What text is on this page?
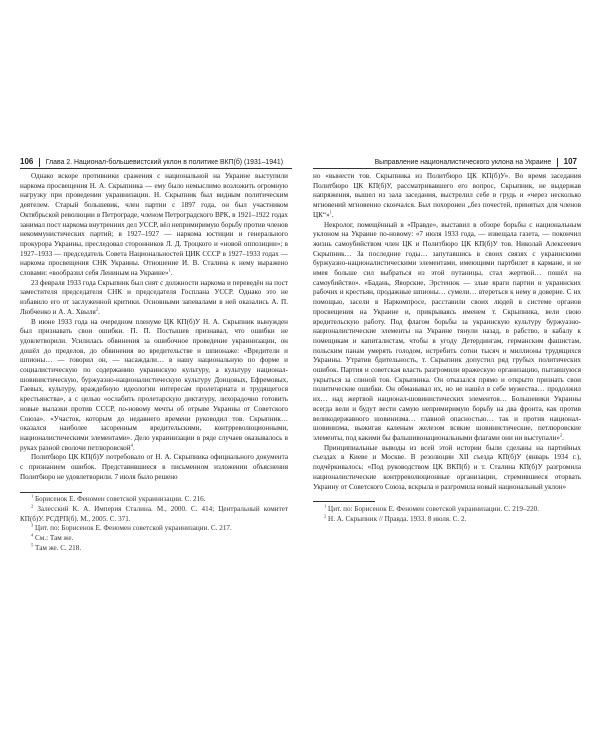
106 Глава 2. Национал-большевистский уклон в политике ВКП(б) (1931–1941)	Выправление националистического уклона на Украине 107

Однако вскоре противники сражения с национальной на Украине выступили наркома просвещения Н. А. Скрыпника — ему было немыслимо возложить огромную нагрузку при проведении украинизации. Н. Скрыпник был видным политическим деятелем. Старый большевик, член партии с 1897 года, он был участником Октябрьской революции в Петрограде, членом Петроградского ВРК, в 1921–1922 годах занимал пост наркома внутренних дел УССР, вёл непримиримую борьбу против членов некоммунистических партий; в 1927–1927 — наркома юстиции и генерального прокурора Украины, преследовал сторонников Л. Д. Троцкого и «новой оппозиции»; в 1927–1933 — председатель Совета Национальностей ЦИК СССР в 1927–1933 годах — наркома просвещения СНК Украины. Отношение И. В. Сталина к нему выражено словами: «вообразил себя Лениным на Украине»$^1$.

23 февраля 1933 года Скрыпник был снят с должности наркома и переведён на пост заместителя председателя СНК и председателя Госплана УССР. Однако это не избавило его от заслуженной критики. Основными запевалами в ней оказались А. П. Любченко и А. А. Хвыля$^2$.

В июне 1933 года на очередном пленуме ЦК КП(б)У Н. А. Скрыпник вынужден был признавать свои ошибки. П. П. Постышев признавал, что ошибки не удовлетворили. Усилилась обвинения за ошибочное проведение украинизации, он дошёл до пределов, до обвинения во вредительстве и шпионаже: «Вредители и шпионы… — говорил он, — насаждали… в нашу национальную по форме и социалистическую по содержанию украинскую культуру, а культуру национал-шовинистическую, буржуазно-националистическую культуру Донцовых, Ефремовых, Гаевых, культуру, враждебную идеологии интересам пролетариата и трудящегося крестьянства», а с целью «ослабить пролетарскую диктатуру, лихорадочно готовить новые вылазки против СССР, по-новому мечты об отрыве Украины от Советского Союза». «Участок, которым до недавнего времени руководил тов. Скрыпник… оказался наиболее засоренным вредительскими, контрреволюционными, националистическими элементами». Дело украинизации в ряде случаев оказывалось в руках разной сволочи петлюровской$^4$.

Политбюро ЦК КП(б)У потребовало от Н. А. Скрыпника официального документа с признанием ошибок. Представившиеся в письменном изложении объяснения Политбюро не удовлетворили. 7 июля было решено

$^1$ Борисенок Е. Феномен советской украинизации. С. 216.

$^2$ Залесский К. А. Империя Сталина. М., 2000. С. 414; Центральный комитет КП(б)У. РСДРП(б). М., 2005. С. 371.

$^3$ Цит. по: Борисенок Е. Феномен советской украинизации. С. 217.

$^4$ См.: Там же.

$^5$ Там же. С. 218.

но «вынести тов. Скрыпника из Политбюро ЦК КП(б)У». Во время заседания Политбюро ЦК КП(б)У, рассматривавшего его вопрос, Скрыпник, не выдержав напряжения, вышел из зала заседания, выстрелил себе в грудь и «через несколько мгновений мгновенно скончался. Был похоронен „без почестей, принятых для членов ЦК“»$^1$.

Некролог, помещённый в «Правде», выставил в обзоре борьбы с национальным уклоном на Украине по-новому: «7 июля 1933 года, — извещала газета, — покончил жизнь самоубийством член ЦК и Политбюро ЦК КП(б)У тов. Николай Алексеевич Скрыпник… За последние годы… запутавшись в своих связях с украинскими буржуазно-националистическими элементами, имеющими партбилет в кармане, и не имея больше сил выбраться из этой путаницы, стал жертвой… пошёл на самоубийство». «Бадань, Яворские, Эрстенюк — злые враги партии и украинских рабочих и крестьян, продажные шпионы… сумели… втереться к нему в доверие. С их помощью, засели в Наркомпросе, расставили своих людей в системе органов просвещения на Украине и, прикрываясь именем т. Скрыпника, вели свою вредительскую работу. Под флагом борьбы за украинскую культуру буржуазно-националистические элементы на Украине тянули назад, в рабство, в кабалу к помещикам и капиталистам, чтобы в угоду Детердингам, германским фашистам, польским панам умерять голодом, истребить сотни тысяч и миллионы трудящихся Украины. Утратив бдительность, т. Скрыпник допустил ряд грубых политических ошибок. Партия и советская власть разгромили вражескую организацию, пытавшуюся укрыться за спиной тов. Скрыпника. Он отказался прямо и открыто признать свои политические ошибки. Он обманывал их, но не нашёл в себе мужества… продолжил их… над жертвой национал-шовинистических элементов… Большевики Украины всегда вели и будут вести самую непримиримую борьбу на два фронта, как против великодержавного шовинизма… главной опасностью… так и против национал-шовинизма, выжигая каленым железом всякие шовинистические, петлюровские элементы, под какими бы фальшивонациональными флагами они ни выступали»$^2$.

Принципиальные выводы из всей этой истории были сделаны на партийных съездах в Киеве и Москве. В резолюции XII съезда КП(б)У (январь 1934 г.), подчёркивалось: «Под руководством ЦК ВКП(б) и т. Сталина КП(б)У разгромила националистические контрреволюционные организации, стремившиеся оторвать Украину от Советского Союза, вскрыла и разгромила новый национальный уклон»

$^1$ Цит. по: Борисенок Е. Феномен советской украинизации. С. 219–220.

$^2$ Н. А. Скрыпник // Правда. 1933. 8 июля. С. 2.
